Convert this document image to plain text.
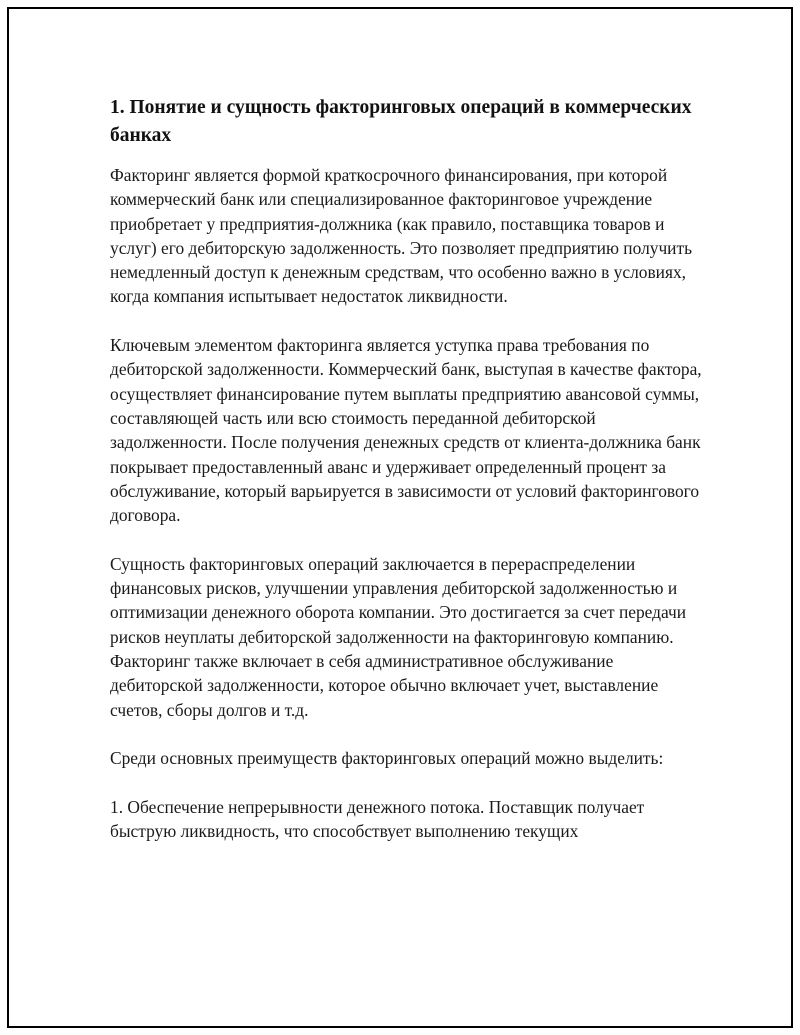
1. Понятие и сущность факторинговых операций в коммерческих банках

Факторинг является формой краткосрочного финансирования, при которой коммерческий банк или специализированное факторинговое учреждение приобретает у предприятия-должника (как правило, поставщика товаров и услуг) его дебиторскую задолженность. Это позволяет предприятию получить немедленный доступ к денежным средствам, что особенно важно в условиях, когда компания испытывает недостаток ликвидности.

Ключевым элементом факторинга является уступка права требования по дебиторской задолженности. Коммерческий банк, выступая в качестве фактора, осуществляет финансирование путем выплаты предприятию авансовой суммы, составляющей часть или всю стоимость переданной дебиторской задолженности. После получения денежных средств от клиента-должника банк покрывает предоставленный аванс и удерживает определенный процент за обслуживание, который варьируется в зависимости от условий факторингового договора.

Сущность факторинговых операций заключается в перераспределении финансовых рисков, улучшении управления дебиторской задолженностью и оптимизации денежного оборота компании. Это достигается за счет передачи рисков неуплаты дебиторской задолженности на факторинговую компанию. Факторинг также включает в себя административное обслуживание дебиторской задолженности, которое обычно включает учет, выставление счетов, сборы долгов и т.д.

Среди основных преимуществ факторинговых операций можно выделить:

1. Обеспечение непрерывности денежного потока. Поставщик получает быструю ликвидность, что способствует выполнению текущих
